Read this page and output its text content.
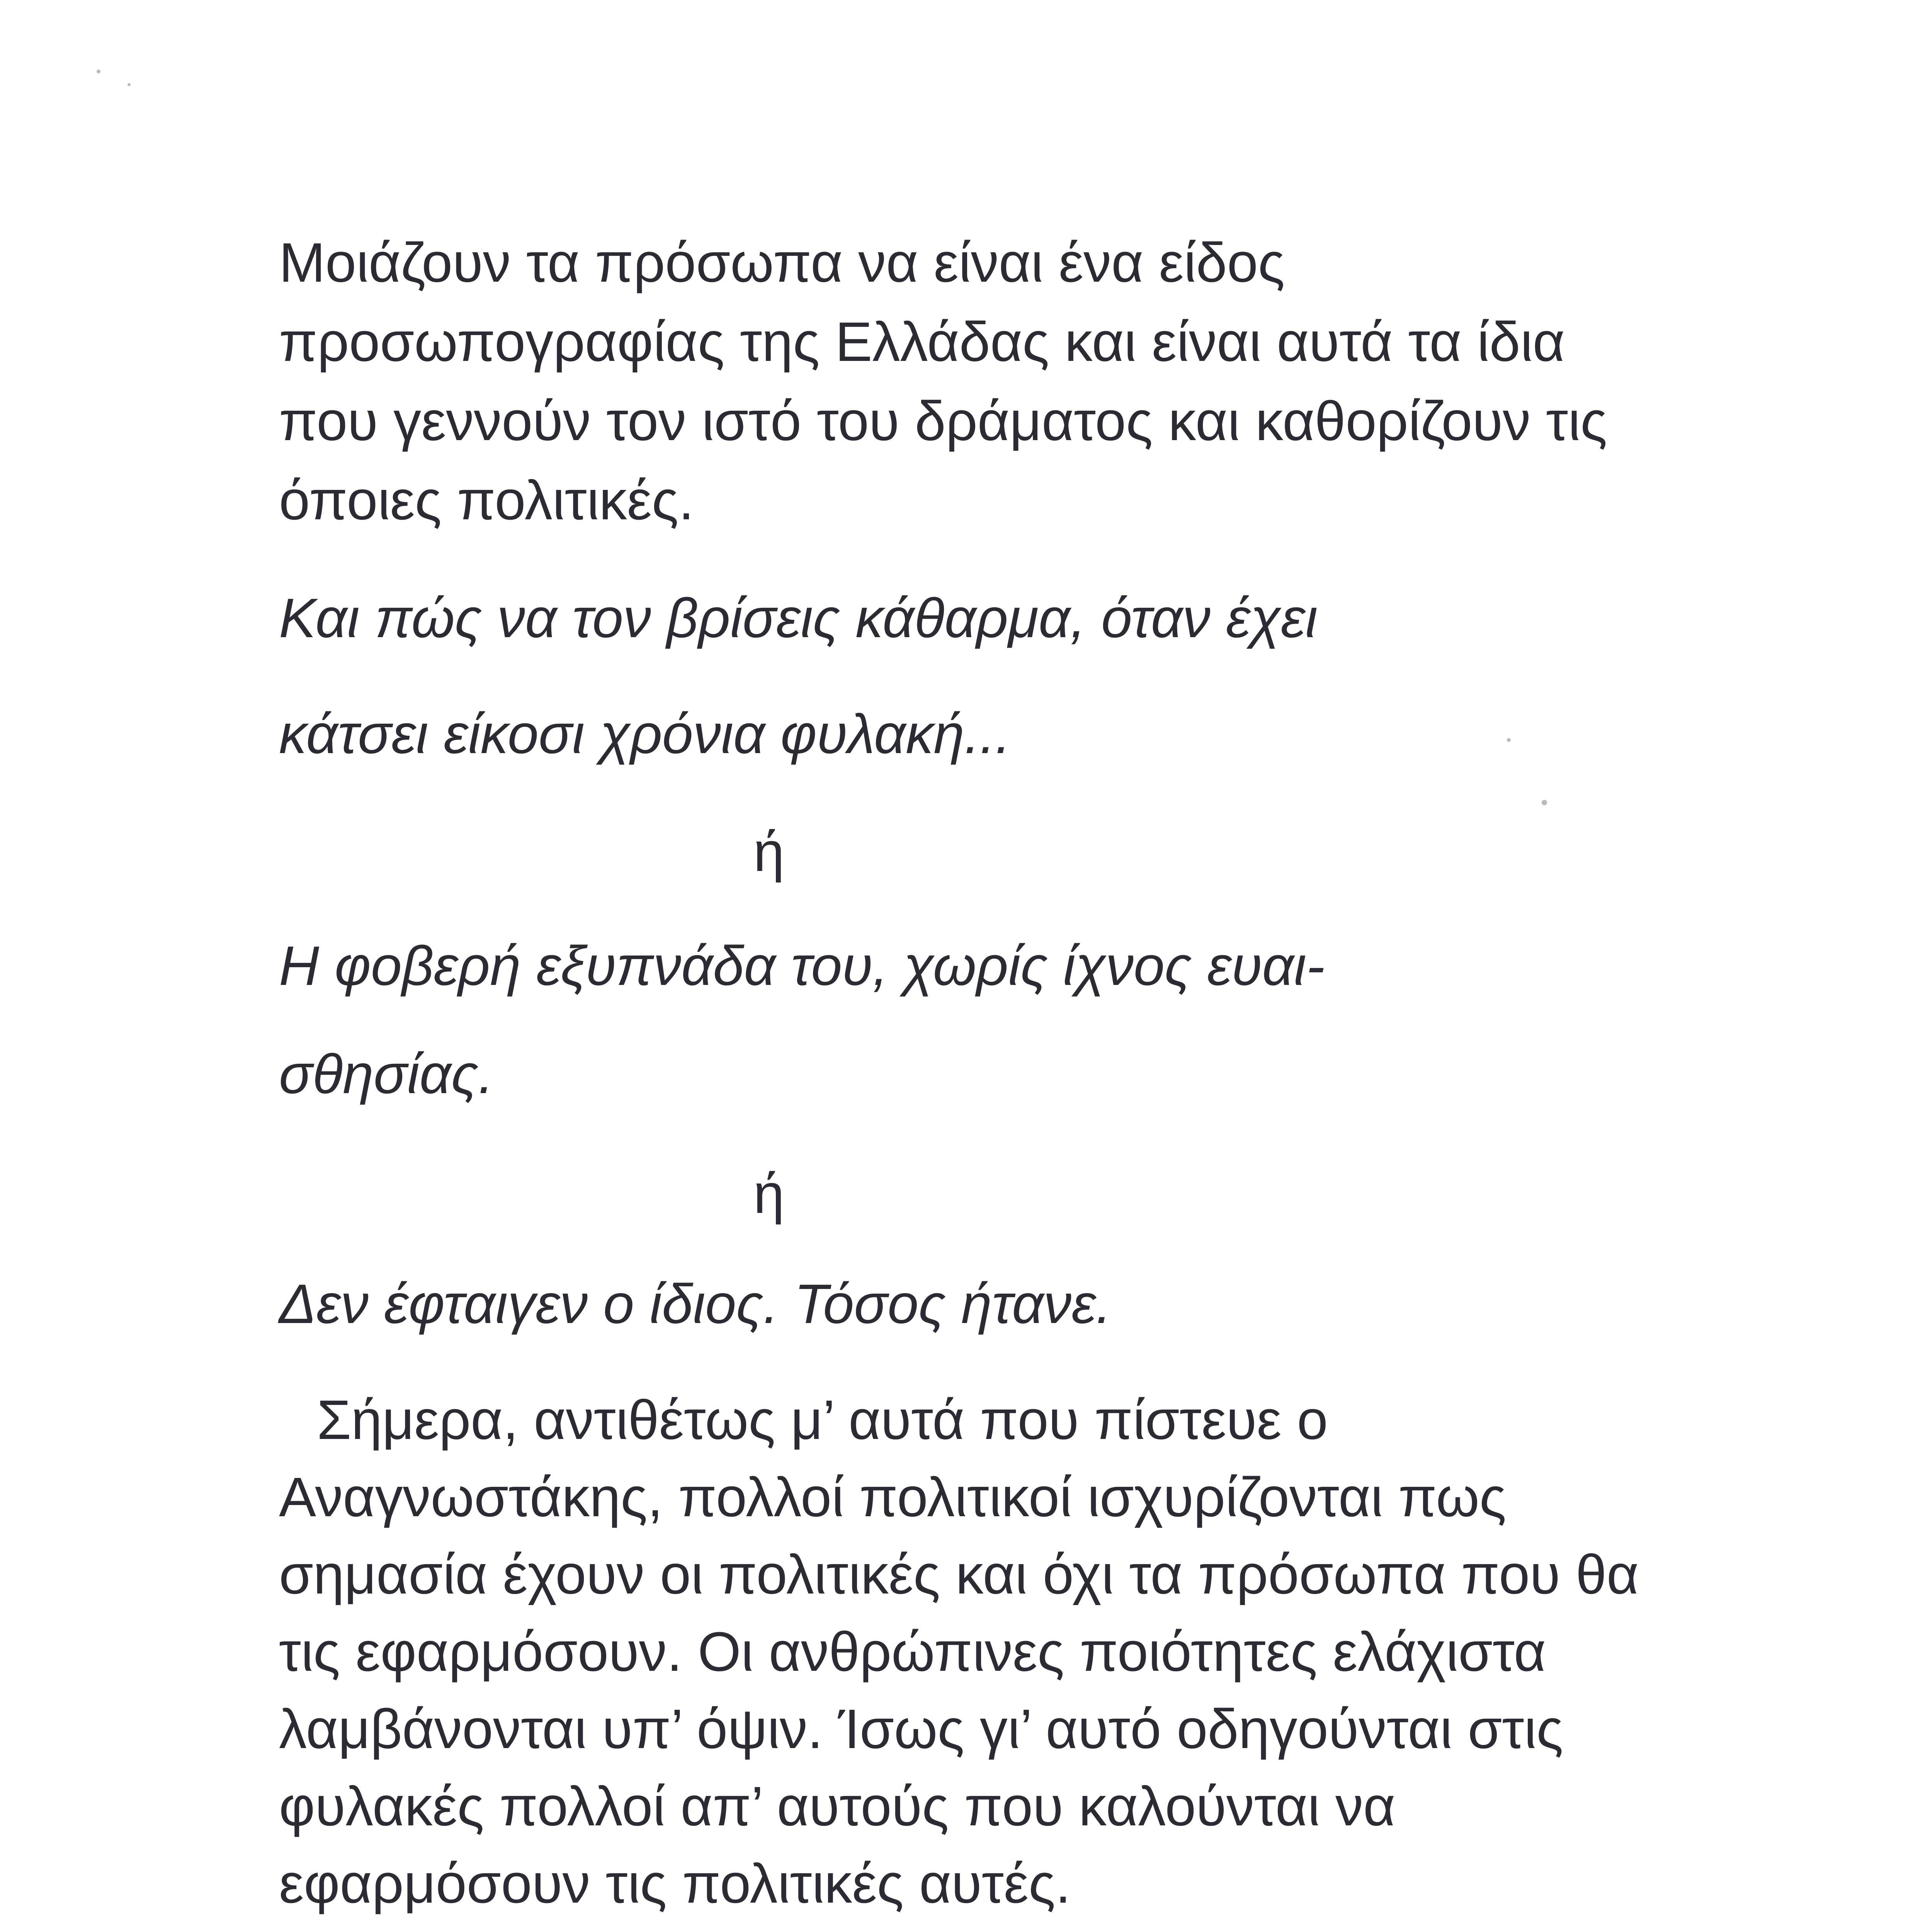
Μοιάζουν τα πρόσωπα να είναι ένα είδος
προσωπογραφίας της Ελλάδας και είναι αυτά τα ίδια
που γεννούν τον ιστό του δράματος και καθορίζουν τις
όποιες πολιτικές.
Και πώς να τον βρίσεις κάθαρμα, όταν έχει
κάτσει είκοσι χρόνια φυλακή...
ή
Η φοβερή εξυπνάδα του, χωρίς ίχνος ευαι-
σθησίας.
ή
Δεν έφταιγεν ο ίδιος. Τόσος ήτανε.
Σήμερα, αντιθέτως μ’ αυτά που πίστευε ο
Αναγνωστάκης, πολλοί πολιτικοί ισχυρίζονται πως
σημασία έχουν οι πολιτικές και όχι τα πρόσωπα που θα
τις εφαρμόσουν. Οι ανθρώπινες ποιότητες ελάχιστα
λαμβάνονται υπ’ όψιν. Ίσως γι’ αυτό οδηγούνται στις
φυλακές πολλοί απ’ αυτούς που καλούνται να
εφαρμόσουν τις πολιτικές αυτές.
